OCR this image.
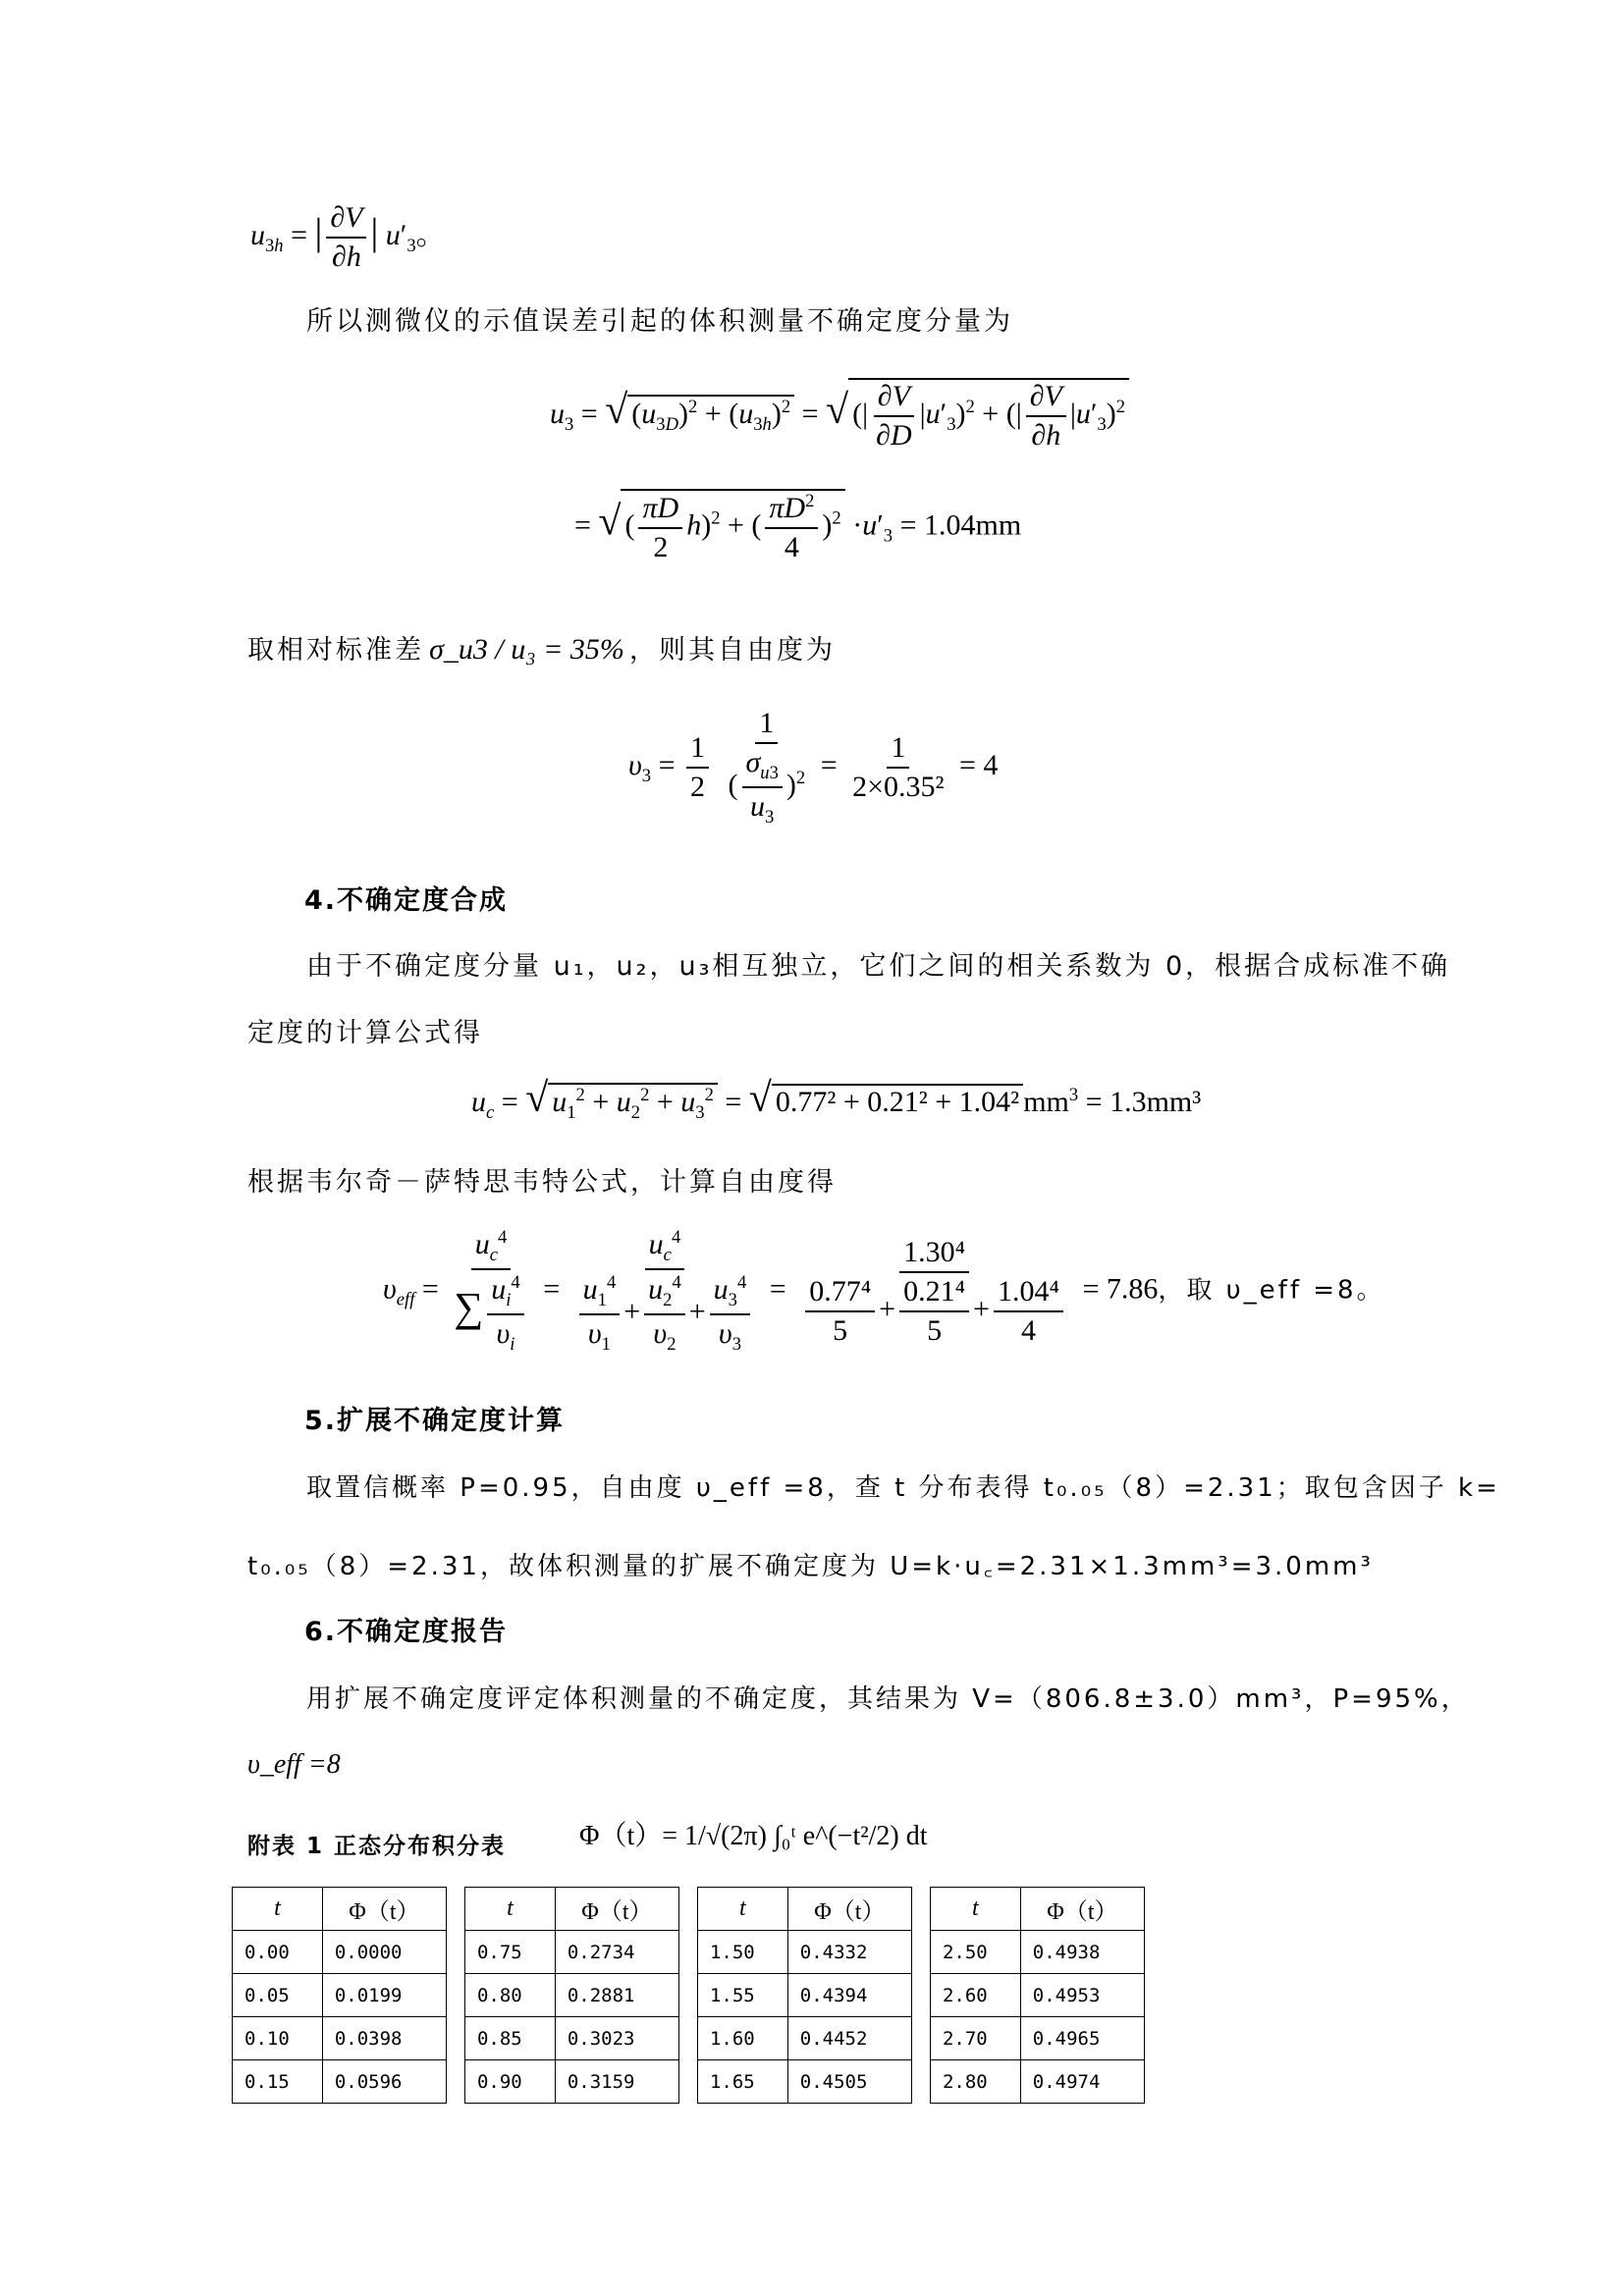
$u_{3h}$ = | $\frac{\partial V}{\partial h}$ | $u'_3$。
所以测微仪的示值误差引起的体积测量不确定度分量为
$u_3$ = √ $(u_{3D})^2 + (u_{3h})^2$ = √ (| $\frac{\partial V}{\partial D} |u'_3)^2$ + (| $\frac{\partial V}{\partial h} |u'_3)^2$
= √ ( $\frac{\pi D}{2} h)^2$ + ( $\frac{\pi D^2}{4} )^2 \cdot u'_3 = 1.04mm$
取相对标准差 σ_u3 / u₃ = 35% ，则其自由度为
$\upsilon_3 = \frac{1}{2}$
$\frac{1}{( \frac{\sigma_{u3}}{u_3} )^2} = \frac{1}{\text{2×0.35²}} = 4$
4.不确定度合成
由于不确定度分量 u₁，u₂，u₃相互独立，它们之间的相关系数为 0，根据合成标准不确
定度的计算公式得
$u_c$ = √ $u_1^2 + u_2^2 + u_3^2$ = √ 0.77² + 0.21² + 1.04² $mm^3 = 1.3mm^3$
根据韦尔奇－萨特思韦特公式，计算自由度得
$\upsilon_{eff} = \frac{u_c^4}{\sum \frac{u_i^4}{\upsilon_i}} = \frac{u_c^4}{\frac{u_1^4}{\upsilon_1} + \frac{u_2^4}{\upsilon_2} + \frac{u_3^4}{\upsilon_3}} = \frac{\text{1.30⁴}}{\frac{\text{0.77⁴}}{5} + \frac{\text{0.21⁴}}{5} + \frac{\text{1.04⁴}}{4}} = 7.86$，取 υ_eff =8。
5.扩展不确定度计算
取置信概率 P=0.95，自由度 υ_eff =8，查 t 分布表得 t₀.₀₅（8）=2.31；取包含因子 k=
t₀.₀₅（8）=2.31，故体积测量的扩展不确定度为 U=k·u꜀=2.31×1.3mm³=3.0mm³
6.不确定度报告
用扩展不确定度评定体积测量的不确定度，其结果为 V=（806.8±3.0）mm³，P=95%，
υ_eff =8
附表 1 正态分布积分表	Φ（t）= 1/√(2π) ∫₀ᵗ e^(−t²/2) dt
t	Φ（t）		t	Φ（t）		t	Φ（t）		t	Φ（t）
0.00	0.0000		0.75	0.2734		1.50	0.4332		2.50	0.4938
0.05	0.0199		0.80	0.2881		1.55	0.4394		2.60	0.4953
0.10	0.0398		0.85	0.3023		1.60	0.4452		2.70	0.4965
0.15	0.0596		0.90	0.3159		1.65	0.4505		2.80	0.4974
